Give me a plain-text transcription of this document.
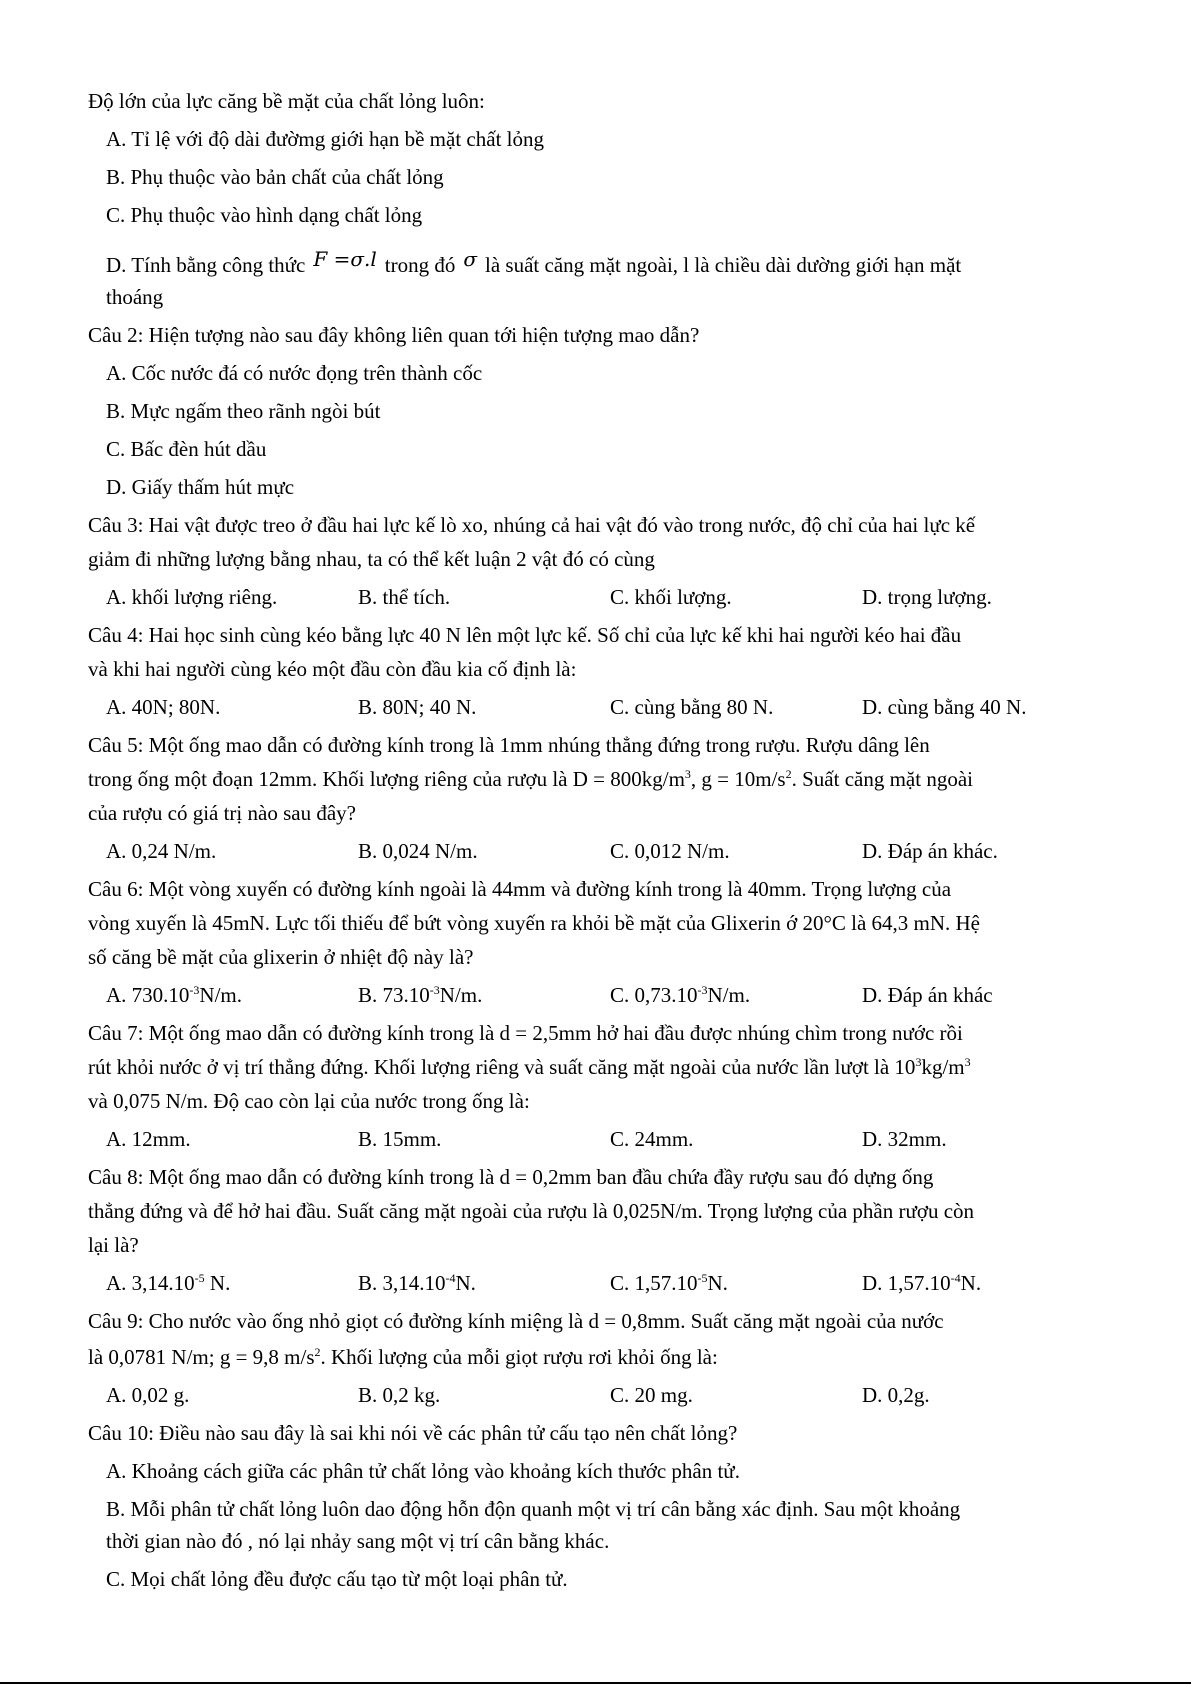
Độ lớn của lực căng bề mặt của chất lỏng luôn:
A. Tỉ lệ với độ dài đườmg giới hạn bề mặt chất lỏng
B. Phụ thuộc vào bản chất của chất lỏng
C. Phụ thuộc vào hình dạng chất lỏng
D. Tính bằng công thức F =σ.l trong đó σ là suất căng mặt ngoài, l là chiều dài dường giới hạn mặt
thoáng
Câu 2: Hiện tượng nào sau đây không liên quan tới hiện tượng mao dẫn?
A. Cốc nước đá có nước đọng trên thành cốc
B. Mực ngấm theo rãnh ngòi bút
C. Bấc đèn hút dầu
D. Giấy thấm hút mực
Câu 3: Hai vật được treo ở đầu hai lực kế lò xo, nhúng cả hai vật đó vào trong nước, độ chỉ của hai lực kế
giảm đi những lượng bằng nhau, ta có thể kết luận 2 vật đó có cùng
A. khối lượng riêng.	B. thể tích.	C. khối lượng.	D. trọng lượng.
Câu 4: Hai học sinh cùng kéo bằng lực 40 N lên một lực kế. Số chỉ của lực kế khi hai người kéo hai đầu
và khi hai người cùng kéo một đầu còn đầu kia cố định là:
A. 40N; 80N.	B. 80N; 40 N.	C. cùng bằng 80 N.	D. cùng bằng 40 N.
Câu 5: Một ống mao dẫn có đường kính trong là 1mm nhúng thẳng đứng trong rượu. Rượu dâng lên
trong ống một đoạn 12mm. Khối lượng riêng của rượu là $D = 800kg/m^3$, $g = 10m/s^2$. Suất căng mặt ngoài
của rượu có giá trị nào sau đây?
A. 0,24 N/m.	B. 0,024 N/m.	C. 0,012 N/m.	D. Đáp án khác.
Câu 6: Một vòng xuyến có đường kính ngoài là 44mm và đường kính trong là 40mm. Trọng lượng của
vòng xuyến là 45mN. Lực tối thiếu để bứt vòng xuyến ra khỏi bề mặt của Glixerin ớ 20°C là 64,3 mN. Hệ
số căng bề mặt của glixerin ở nhiệt độ này là?
A. $730.10^{-3}N/m$.	B. $73.10^{-3}N/m$.	C. $0,73.10^{-3}N/m$.	D. Đáp án khác
Câu 7: Một ống mao dẫn có đường kính trong là d = 2,5mm hở hai đầu được nhúng chìm trong nước rồi
rút khỏi nước ở vị trí thẳng đứng. Khối lượng riêng và suất căng mặt ngoài của nước lần lượt là $10^3kg/m^3$
và 0,075 N/m. Độ cao còn lại của nước trong ống là:
A. 12mm.	B. 15mm.	C. 24mm.	D. 32mm.
Câu 8: Một ống mao dẫn có đường kính trong là d = 0,2mm ban đầu chứa đầy rượu sau đó dựng ống
thẳng đứng và để hở hai đầu. Suất căng mặt ngoài của rượu là 0,025N/m. Trọng lượng của phần rượu còn
lại là?
A. $3,14.10^{-5}$ N.	B. $3,14.10^{-4}N$.	C. $1,57.10^{-5}N$.	D. $1,57.10^{-4}N$.
Câu 9: Cho nước vào ống nhỏ giọt có đường kính miệng là d = 0,8mm. Suất căng mặt ngoài của nước
là 0,0781 N/m; g = 9,8 $m/s^2$. Khối lượng của mỗi giọt rượu rơi khỏi ống là:
A. 0,02 g.	B. 0,2 kg.	C. 20 mg.	D. 0,2g.
Câu 10: Điều nào sau đây là sai khi nói về các phân tử cấu tạo nên chất lỏng?
A. Khoảng cách giữa các phân tử chất lỏng vào khoảng kích thước phân tử.
B. Mỗi phân tử chất lỏng luôn dao động hỗn độn quanh một vị trí cân bằng xác định. Sau một khoảng
thời gian nào đó , nó lại nhảy sang một vị trí cân bằng khác.
C. Mọi chất lỏng đều được cấu tạo từ một loại phân tử.
